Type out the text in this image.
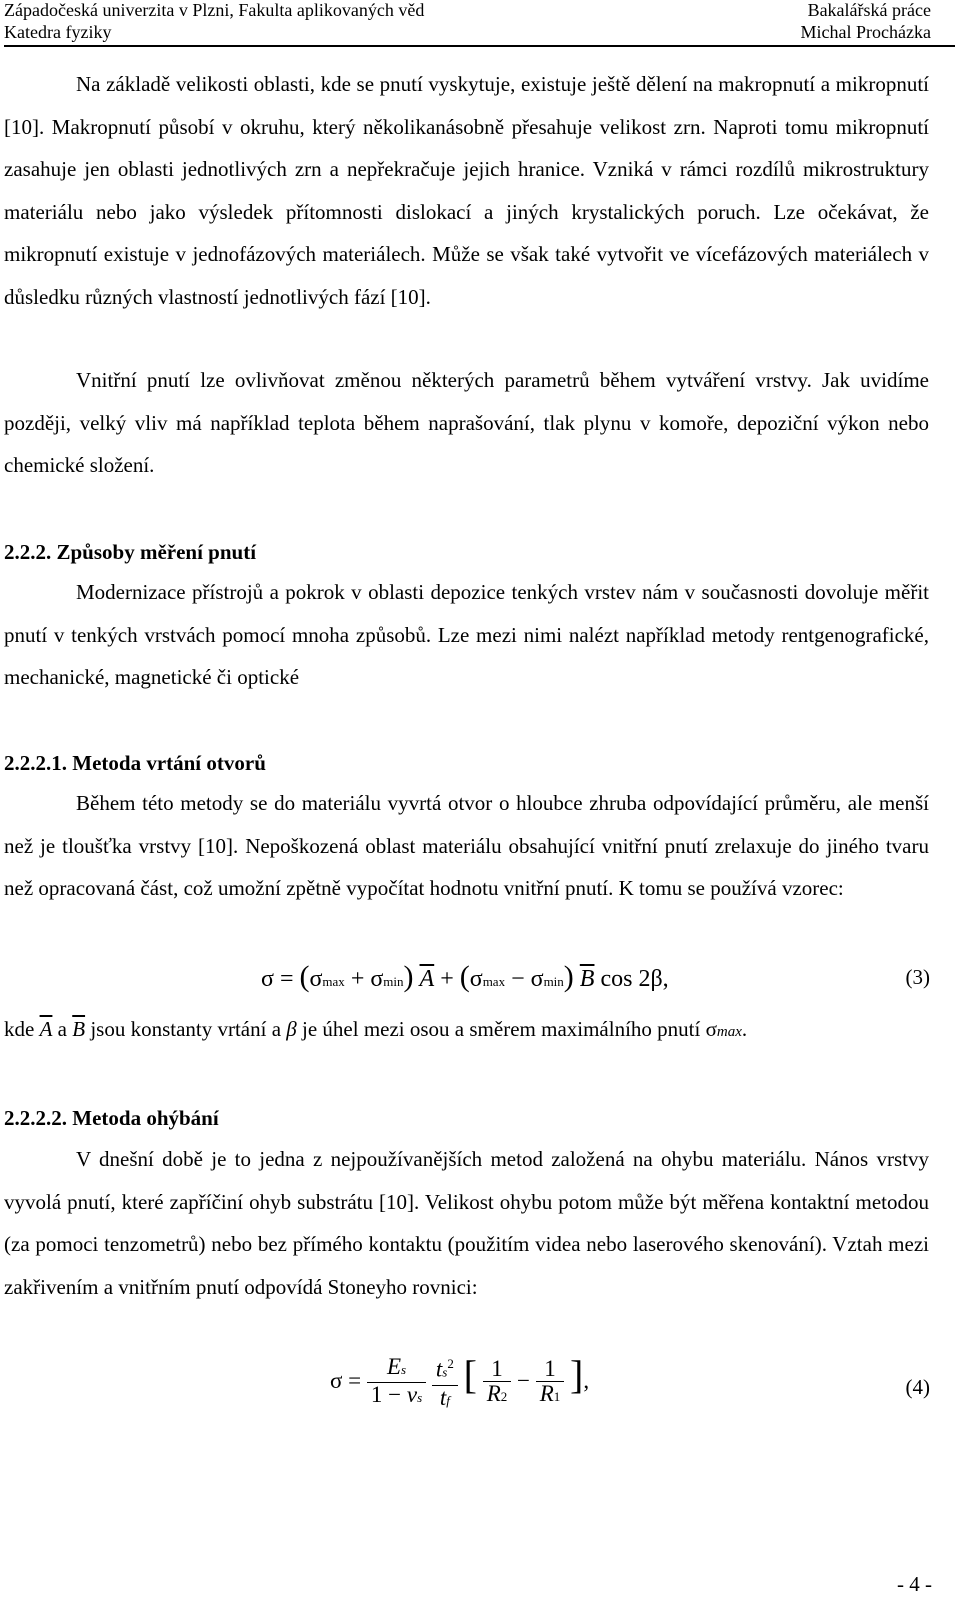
Západočeská univerzita v Plzni, Fakulta aplikovaných věd	Bakalářská práce
Katedra fyziky	Michal Procházka

Na základě velikosti oblasti, kde se pnutí vyskytuje, existuje ještě dělení na makropnutí a mikropnutí [10]. Makropnutí působí v okruhu, který několikanásobně přesahuje velikost zrn. Naproti tomu mikropnutí zasahuje jen oblasti jednotlivých zrn a nepřekračuje jejich hranice. Vzniká v rámci rozdílů mikrostruktury materiálu nebo jako výsledek přítomnosti dislokací a jiných krystalických poruch. Lze očekávat, že mikropnutí existuje v jednofázových materiálech. Může se však také vytvořit ve vícefázových materiálech v důsledku různých vlastností jednotlivých fází [10].

Vnitřní pnutí lze ovlivňovat změnou některých parametrů během vytváření vrstvy. Jak uvidíme později, velký vliv má například teplota během naprašování, tlak plynu v komoře, depoziční výkon nebo chemické složení.

2.2.2. Způsoby měření pnutí

Modernizace přístrojů a pokrok v oblasti depozice tenkých vrstev nám v současnosti dovoluje měřit pnutí v tenkých vrstvách pomocí mnoha způsobů. Lze mezi nimi nalézt například metody rentgenografické, mechanické, magnetické či optické

2.2.2.1. Metoda vrtání otvorů

Během této metody se do materiálu vyvrtá otvor o hloubce zhruba odpovídající průměru, ale menší než je tloušťka vrstvy [10]. Nepoškozená oblast materiálu obsahující vnitřní pnutí zrelaxuje do jiného tvaru než opracovaná část, což umožní zpětně vypočítat hodnotu vnitřní pnutí. K tomu se používá vzorec:

σ = (σmax + σmin) $\overline{A} + (\sigma\max - \sigma\min)$ $\overline{B}$ cos 2β,	(3)

kde $\overline{A}$ a $\overline{B}$ jsou konstanty vrtání a β je úhel mezi osou a směrem maximálního pnutí σmax.

2.2.2.2. Metoda ohýbání

V dnešní době je to jedna z nejpoužívanějších metod založená na ohybu materiálu. Nános vrstvy vyvolá pnutí, které zapříčiní ohyb substrátu [10]. Velikost ohybu potom může být měřena kontaktní metodou (za pomoci tenzometrů) nebo bez přímého kontaktu (použitím videa nebo laserového skenování). Vztah mezi zakřivením a vnitřním pnutí odpovídá Stoneyho rovnici:

$\sigma = \frac{Es}{1 - vs}$
$\frac{ts^2}{tf}$ [ $\frac{1}{R2} - \frac{1}{R1}$ ],	(4)
- 4 -
